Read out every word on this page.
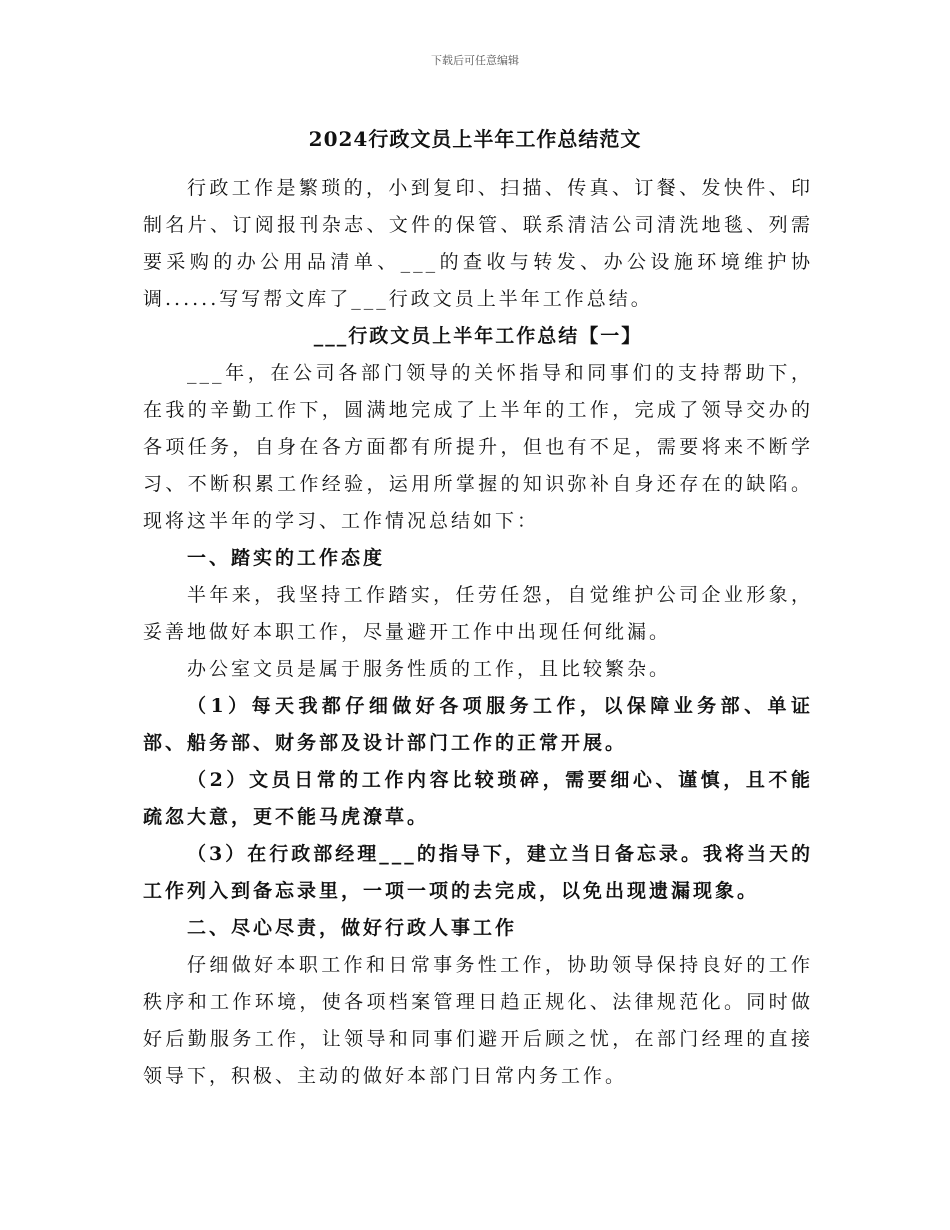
下载后可任意编辑
2024行政文员上半年工作总结范文

行政工作是繁琐的，小到复印、扫描、传真、订餐、发快件、印制名片、订阅报刊杂志、文件的保管、联系清洁公司清洗地毯、列需要采购的办公用品清单、___的查收与转发、办公设施环境维护协调......写写帮文库了___行政文员上半年工作总结。

___行政文员上半年工作总结【一】

___年，在公司各部门领导的关怀指导和同事们的支持帮助下，在我的辛勤工作下，圆满地完成了上半年的工作，完成了领导交办的各项任务，自身在各方面都有所提升，但也有不足，需要将来不断学习、不断积累工作经验，运用所掌握的知识弥补自身还存在的缺陷。现将这半年的学习、工作情况总结如下：

一、踏实的工作态度

半年来，我坚持工作踏实，任劳任怨，自觉维护公司企业形象，妥善地做好本职工作，尽量避开工作中出现任何纰漏。

办公室文员是属于服务性质的工作，且比较繁杂。

（1）每天我都仔细做好各项服务工作，以保障业务部、单证部、船务部、财务部及设计部门工作的正常开展。

（2）文员日常的工作内容比较琐碎，需要细心、谨慎，且不能疏忽大意，更不能马虎潦草。

（3）在行政部经理___的指导下，建立当日备忘录。我将当天的工作列入到备忘录里，一项一项的去完成，以免出现遗漏现象。

二、尽心尽责，做好行政人事工作

仔细做好本职工作和日常事务性工作，协助领导保持良好的工作秩序和工作环境，使各项档案管理日趋正规化、法律规范化。同时做好后勤服务工作，让领导和同事们避开后顾之忧，在部门经理的直接领导下，积极、主动的做好本部门日常内务工作。
